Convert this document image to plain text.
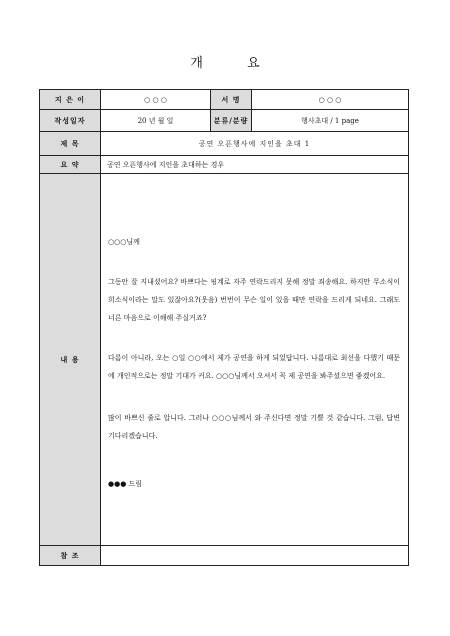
개 요
지 은 이	○ ○ ○	서 명	○ ○ ○
작성일자	20 년 월 일	분류/분량	행사초대 / 1 page
제 목	공연 오픈행사에 지인을 초대 1		
요 약	공연 오픈행사에 지인을 초대하는 경우		
내 용	○○○님께

그동안 잘 지내셨어요? 바쁘다는 핑계로 자주 연락드리지 못해 정말 죄송해요. 하지만 무소식이 희소식이라는 말도 있잖아요?(웃음) 번번이 무슨 일이 있을 때만 연락을 드리게 되네요. 그래도 너른 마음으로 이해해 주실거죠?

다름이 아니라, 오는 ○일 ○○에서 제가 공연을 하게 되었답니다. 나름대로 최선을 다했기 때문에 개인적으로는 정말 기대가 커요. ○○○님께서 오셔서 꼭 제 공연을 봐주셨으면 좋겠어요.

많이 바쁘신 줄로 압니다. 그러나 ○○○님께서 와 주신다면 정말 기쁠 것 같습니다. 그럼, 답변 기다리겠습니다.

●●● 드림		

참 조			
